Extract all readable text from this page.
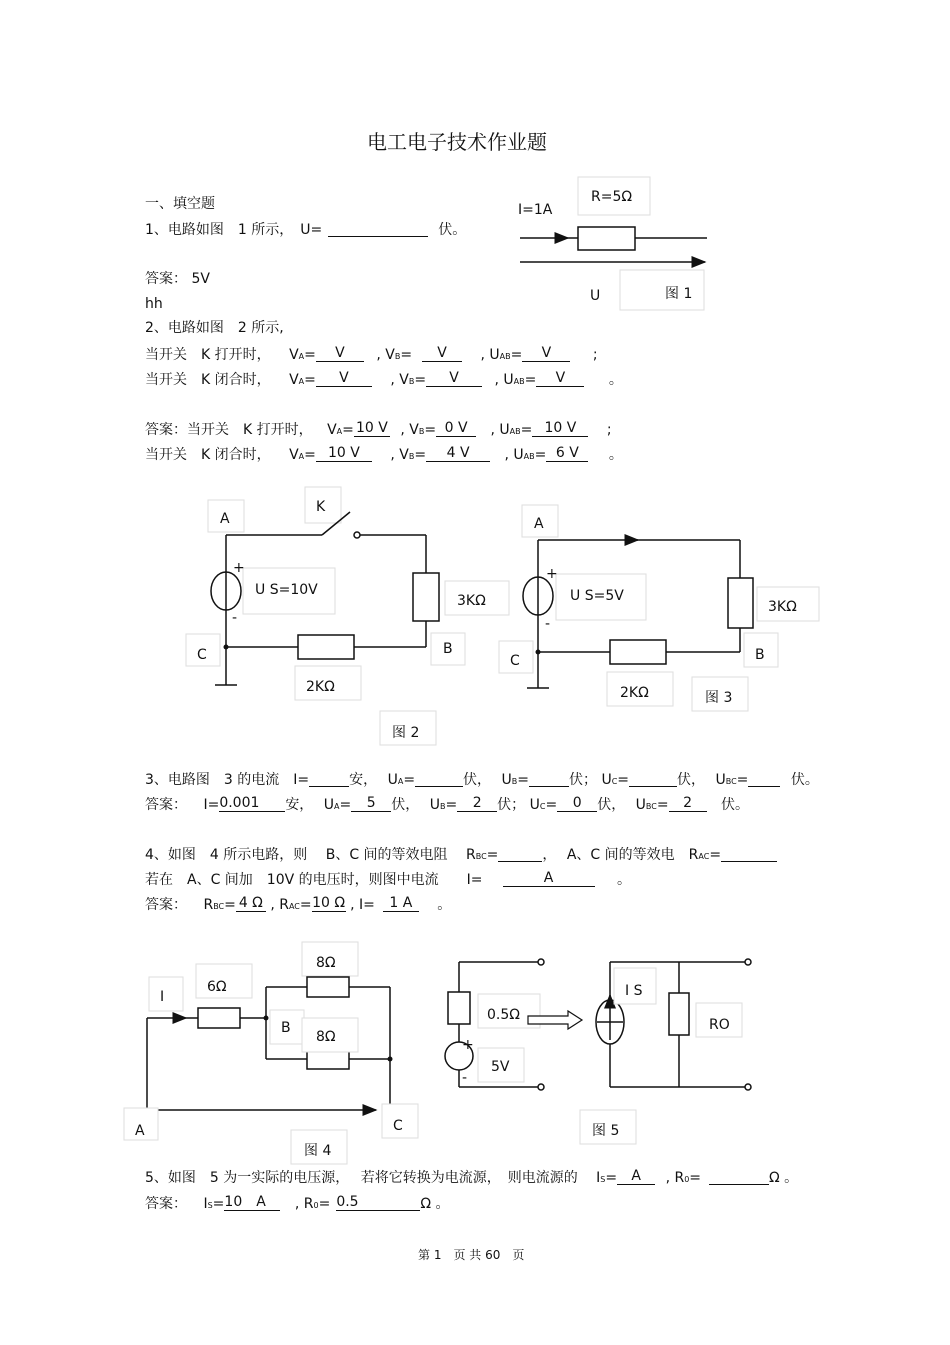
电工电子技术作业题
一、填空题
1、电路如图　1 所示，　U=	伏。
答案： 5V
hh
2、电路如图　2 所示,
当开关　K 打开时， VA= V , VB= V , UAB= V	;
当开关　K 闭合时， VA= V	, VB= V	, UAB= V	。
答案：当开关　K 打开时， VA= 10 V , VB= 0 V , UAB= 10 V ;
当开关　K 闭合时， VA= 10 V , VB= 4 V , UAB= 6 V 。
3、电路图　3 的电流　I=	安， UA=	伏， UB=	伏； UC=	伏， UBC=	伏。
答案： I=0.001 安， UA= 5 伏， UB= 2 伏； UC= 0 伏， UBC= 2 伏。
4、如图　4 所示电路，则　 B、C 间的等效电阻　 RBC=	， A、C 间的等效电　RAC=
若在　A、C 间加　10V 的电压时，则图中电流　　I=	A	。
答案： RBC= 4 Ω , RAC=10 Ω , I= 1 A 。
5、如图　5 为一实际的电压源，　 若将它转换为电流源，　则电流源的　 IS= A , R0=	Ω 。
答案： IS=10　A , R0= 0.5	Ω 。
第 1　页 共 60　页
R=5Ω
I=1A
U	图 1
A
K
+
-
U S=10V
3KΩ
C	B
2KΩ
图 2
A
+
-
U S=5V
3KΩ
C	B
2KΩ	图 3
8Ω
6Ω
I
B
8Ω
A	C
图 4
+
-
0.5Ω
5V
I S
RO
图 5
